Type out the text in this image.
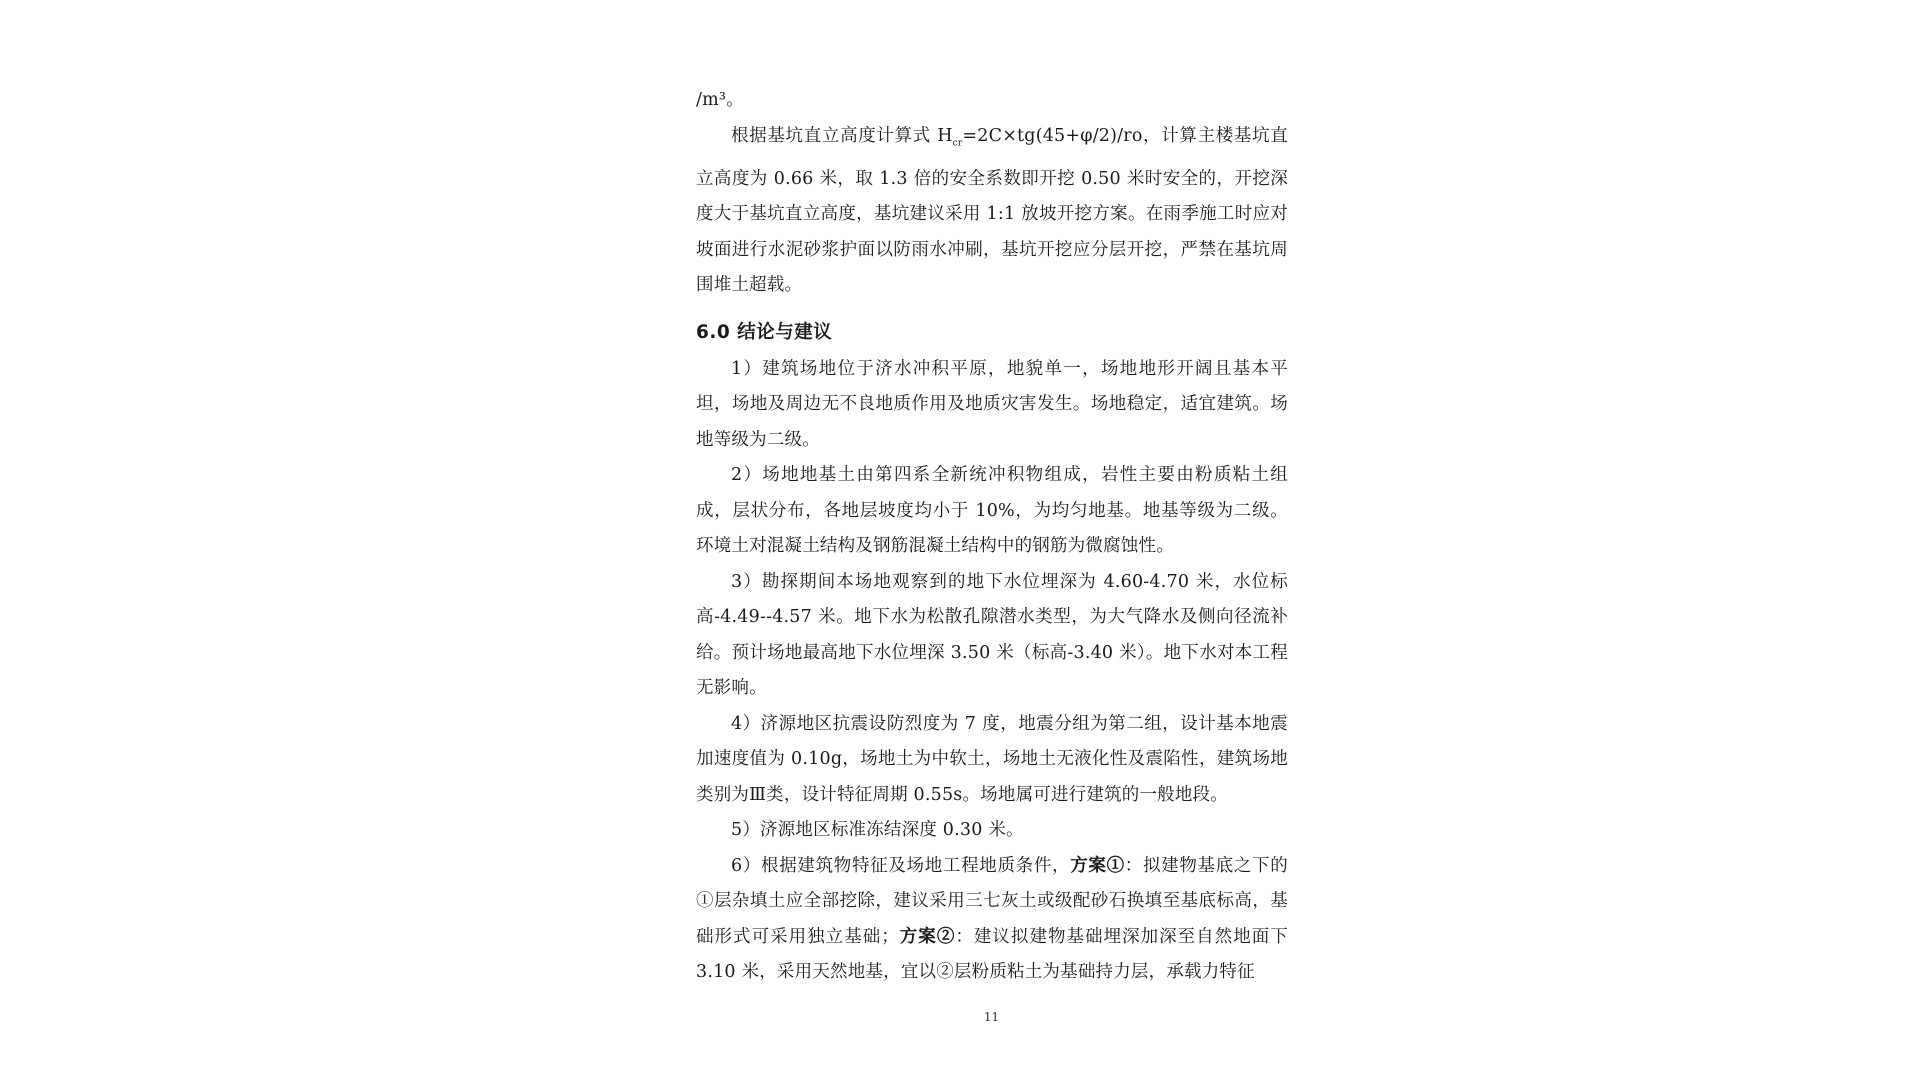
/m³。

根据基坑直立高度计算式 $H_{cr}=2C\times tg(45+\varphi/2)/ro$，计算主楼基坑直立高度为 0.66 米，取 1.3 倍的安全系数即开挖 0.50 米时安全的，开挖深度大于基坑直立高度，基坑建议采用 1:1 放坡开挖方案。在雨季施工时应对坡面进行水泥砂浆护面以防雨水冲刷，基坑开挖应分层开挖，严禁在基坑周围堆土超载。

6.0 结论与建议

1）建筑场地位于济水冲积平原，地貌单一，场地地形开阔且基本平坦，场地及周边无不良地质作用及地质灾害发生。场地稳定，适宜建筑。场地等级为二级。

2）场地地基土由第四系全新统冲积物组成，岩性主要由粉质粘土组成，层状分布，各地层坡度均小于 10%，为均匀地基。地基等级为二级。环境土对混凝土结构及钢筋混凝土结构中的钢筋为微腐蚀性。

3）勘探期间本场地观察到的地下水位埋深为 4.60-4.70 米，水位标高-4.49--4.57 米。地下水为松散孔隙潜水类型，为大气降水及侧向径流补给。预计场地最高地下水位埋深 3.50 米（标高-3.40 米）。地下水对本工程无影响。

4）济源地区抗震设防烈度为 7 度，地震分组为第二组，设计基本地震加速度值为 0.10g，场地土为中软土，场地土无液化性及震陷性，建筑场地类别为Ⅲ类，设计特征周期 0.55s。场地属可进行建筑的一般地段。

5）济源地区标准冻结深度 0.30 米。

6）根据建筑物特征及场地工程地质条件，方案①：拟建物基底之下的①层杂填土应全部挖除，建议采用三七灰土或级配砂石换填至基底标高，基础形式可采用独立基础；方案②：建议拟建物基础埋深加深至自然地面下 3.10 米，采用天然地基，宜以②层粉质粘土为基础持力层，承载力特征

11
